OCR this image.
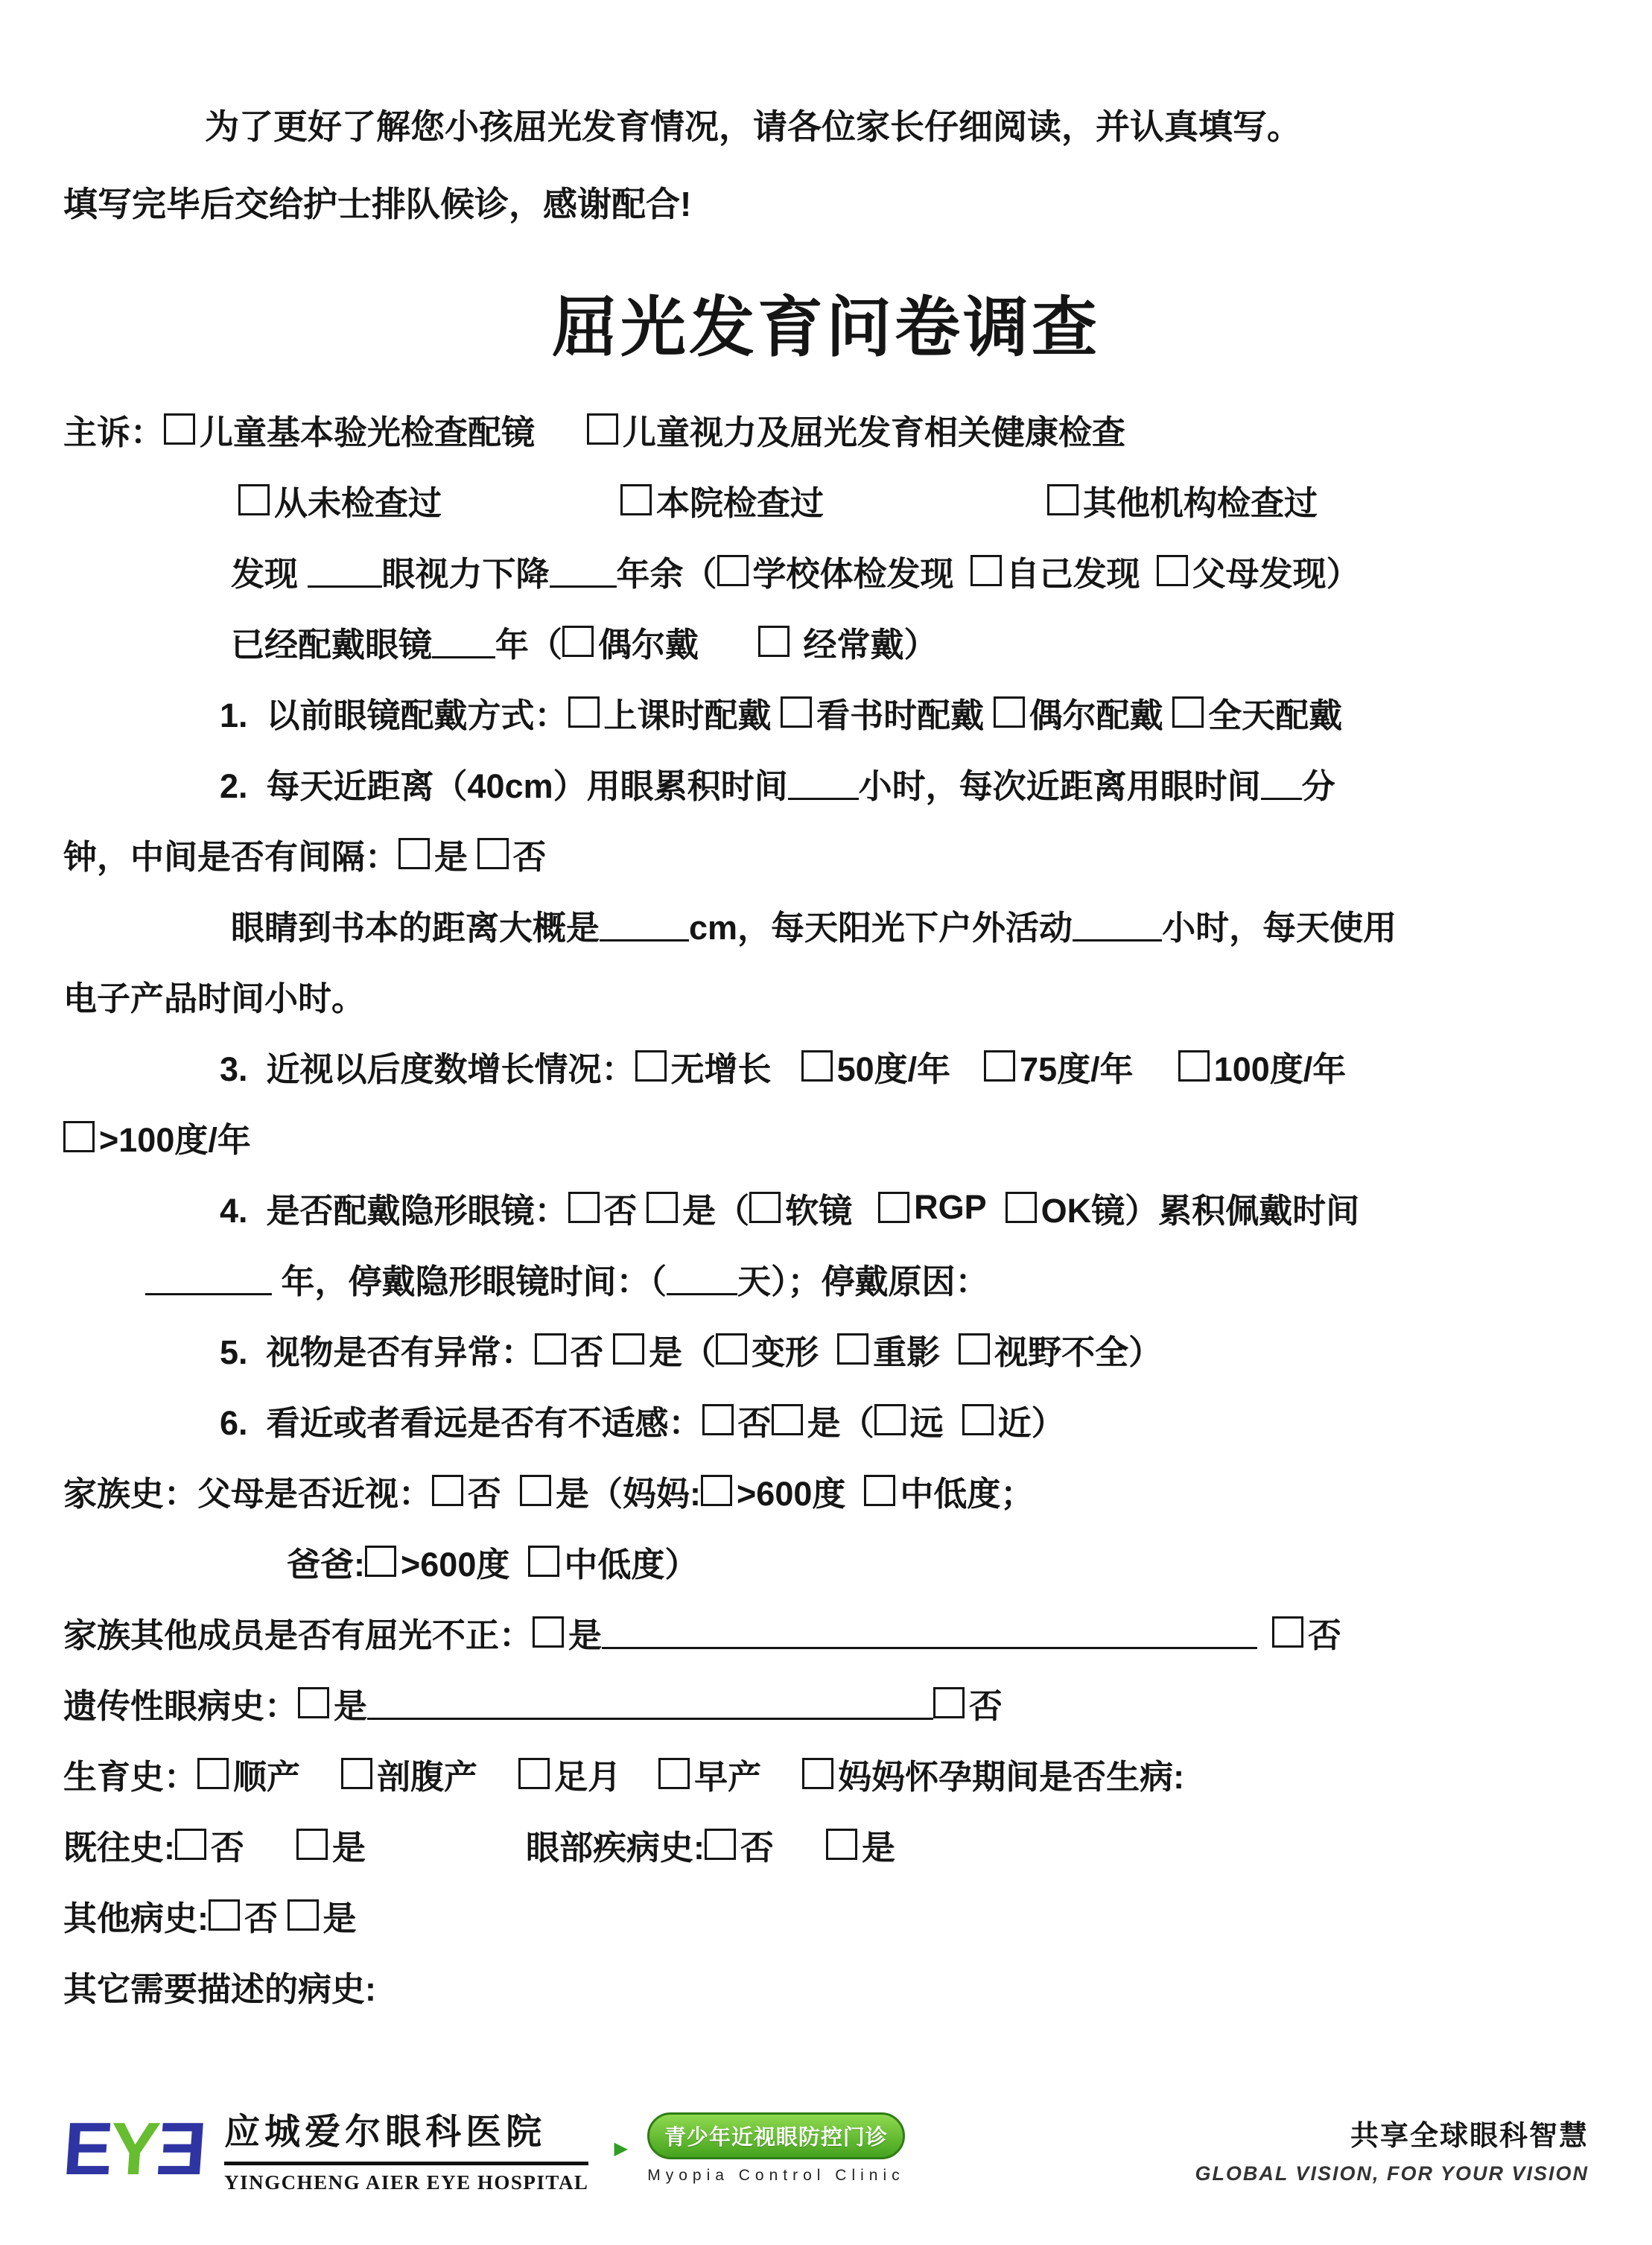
为了更好了解您小孩屈光发育情况，请各位家长仔细阅读，并认真填写。
填写完毕后交给护士排队候诊，感谢配合!
屈光发育问卷调查
主诉： 儿童基本验光检查配镜	儿童视力及屈光发育相关健康检查
从未检查过	本院检查过	其他机构检查过
发现 眼视力下降 年余（ 学校体检发现 自己发现 父母发现）
已经配戴眼镜 年（ 偶尔戴	经常戴）
1.  以前眼镜配戴方式： 上课时配戴 看书时配戴 偶尔配戴 全天配戴
2.  每天近距离（40cm）用眼累积时间 小时，每次近距离用眼时间 分
钟，中间是否有间隔： 是 否
眼睛到书本的距离大概是	cm，每天阳光下户外活动	小时，每天使用
电子产品时间小时。
3.  近视以后度数增长情况： 无增长 50度/年 75度/年 100度/年
>100度/年
4.  是否配戴隐形眼镜： 否 是（ 软镜 RGP OK镜）累积佩戴时间
年，停戴隐形眼镜时间：（ 天）；停戴原因：
5.  视物是否有异常： 否 是（ 变形 重影 视野不全）
6.  看近或者看远是否有不适感： 否 是（ 远 近）
家族史：父母是否近视： 否 是（妈妈: >600度 中低度；
爸爸: >600度 中低度）
家族其他成员是否有屈光不正： 是	否
遗传性眼病史： 是	否
生育史： 顺产 剖腹产 足月 早产 妈妈怀孕期间是否生病:
既往史: 否	是	眼部疾病史: 否	是
其他病史: 否 是
其它需要描述的病史:
E
Y
Ǝ 应城爱尔眼科医院
YINGCHENG AIER EYE HOSPITAL
▶	青少年近视眼防控门诊
Myopia Control Clinic
共享全球眼科智慧
GLOBAL VISION, FOR YOUR VISION
